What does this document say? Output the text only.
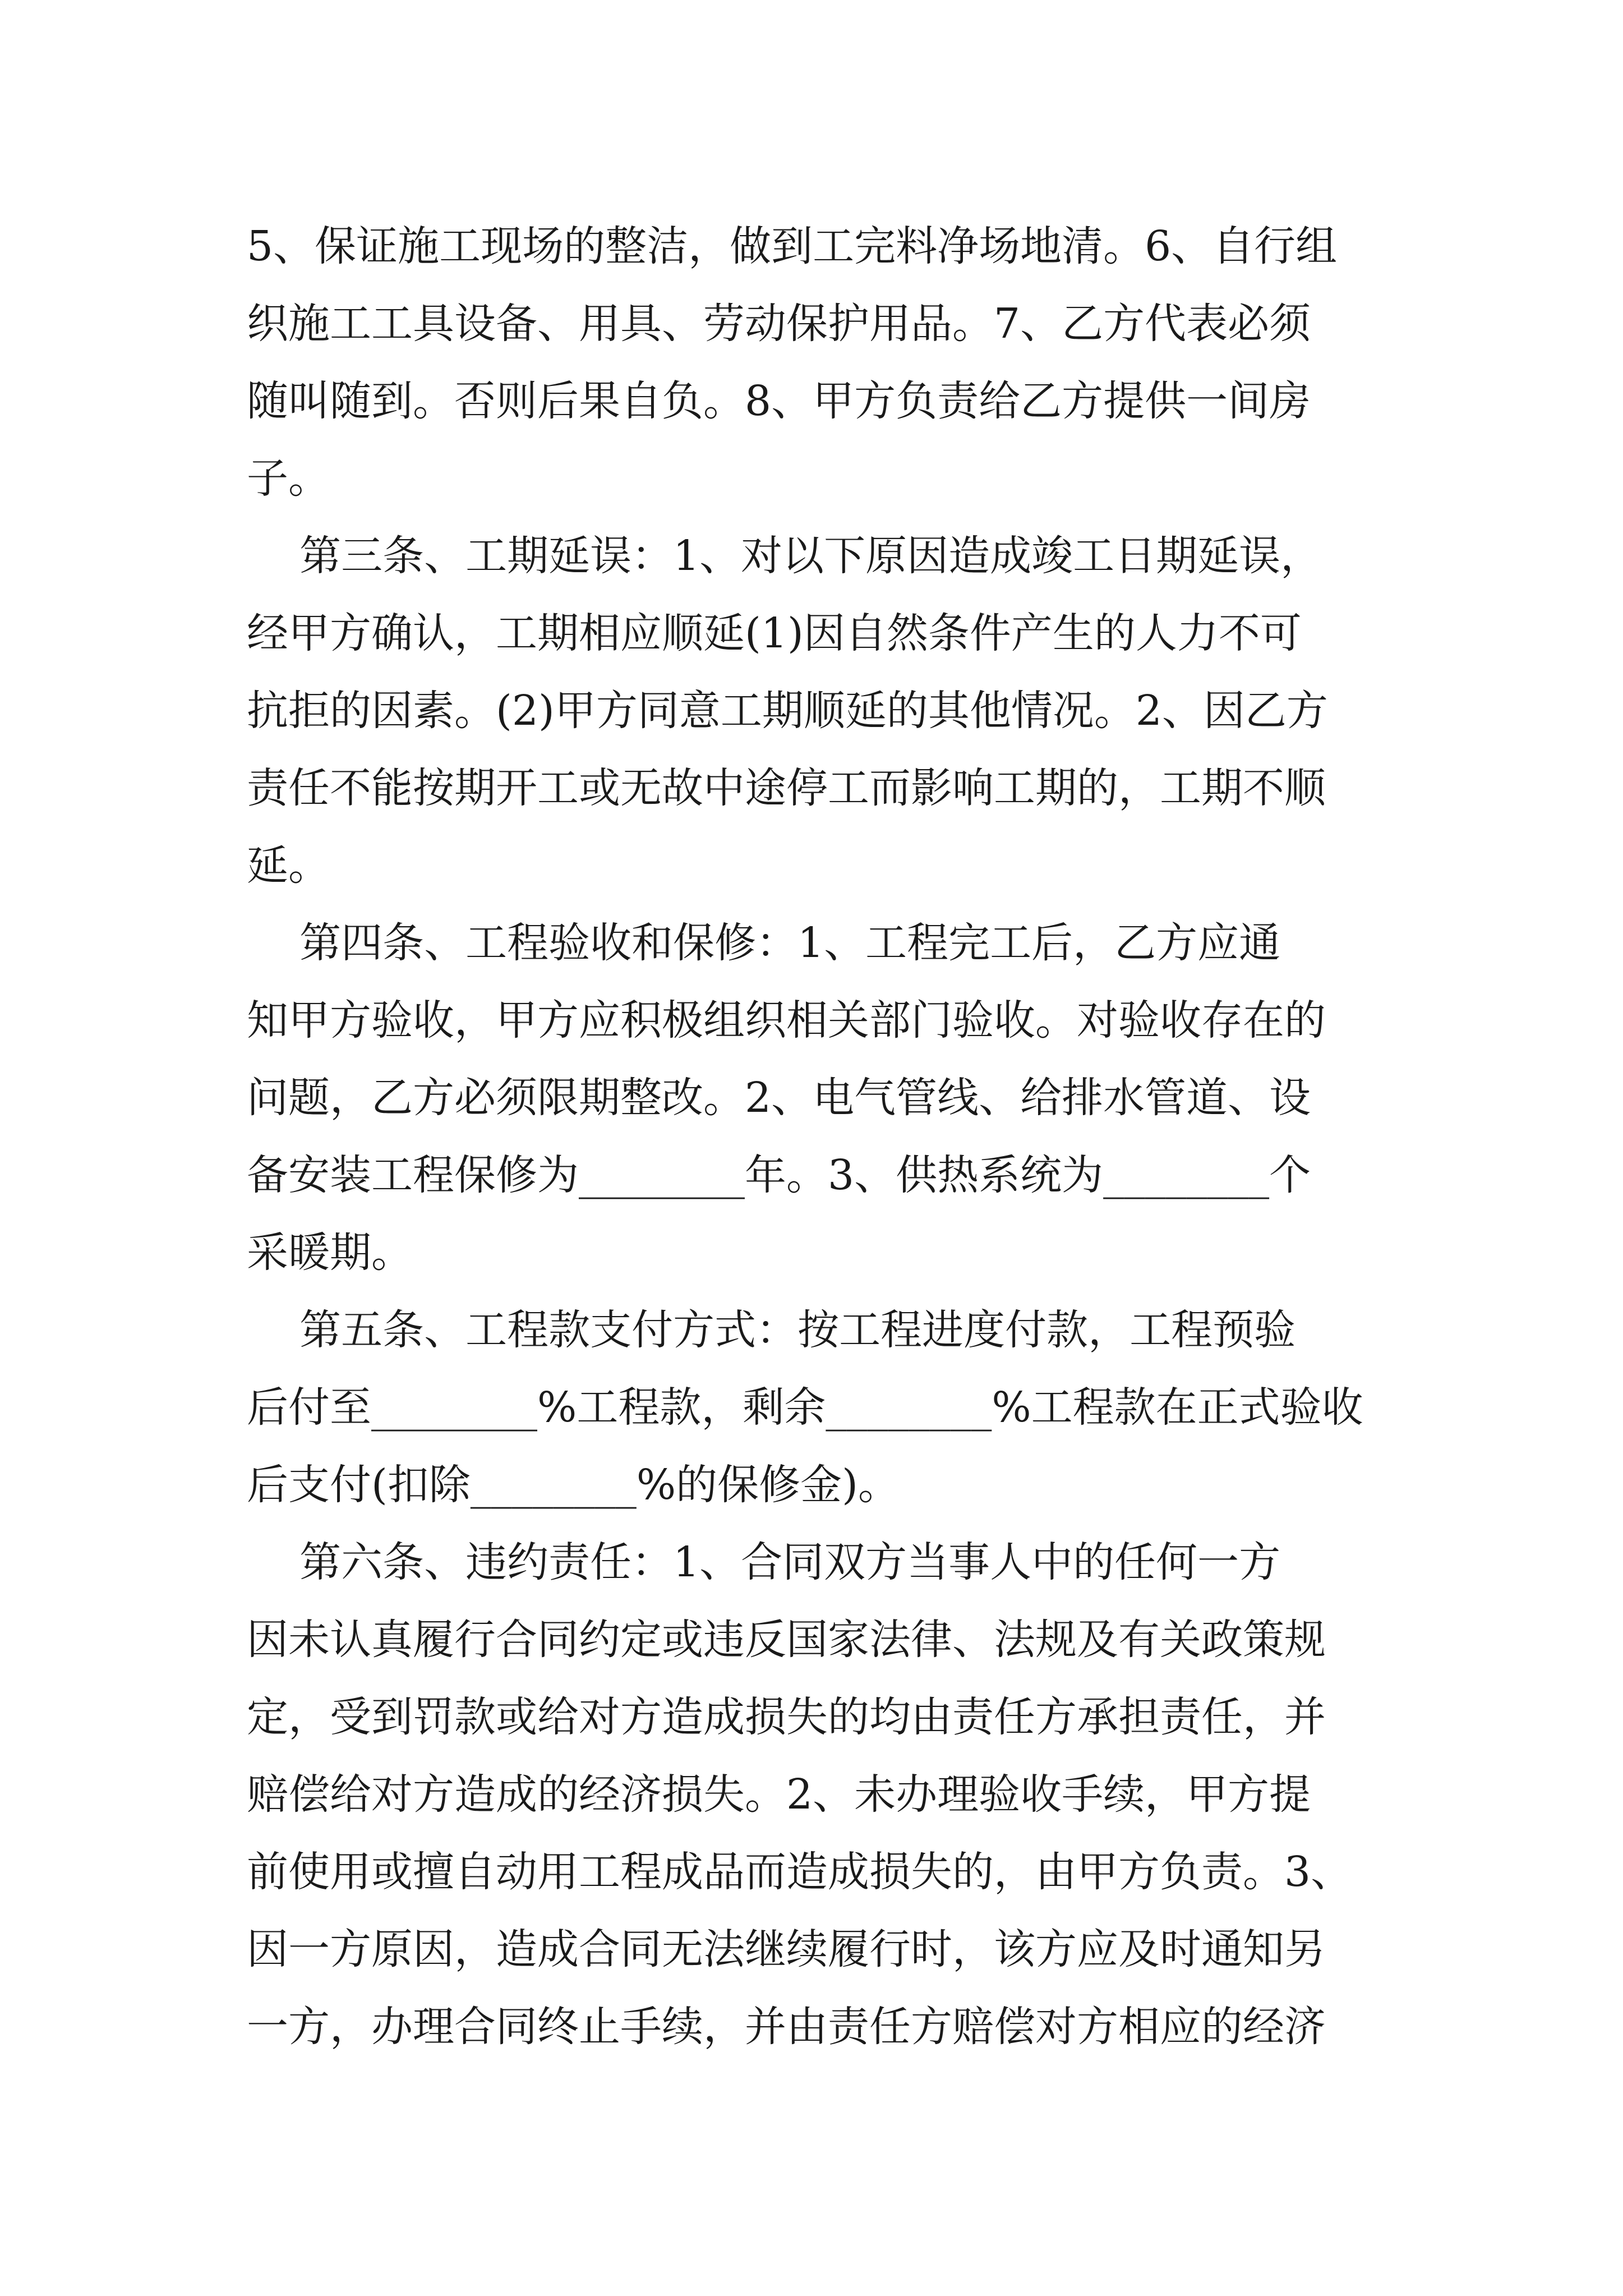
5、保证施工现场的整洁，做到工完料净场地清。6、自行组
织施工工具设备、用具、劳动保护用品。7、乙方代表必须
随叫随到。否则后果自负。8、甲方负责给乙方提供一间房
子。
第三条、工期延误：1、对以下原因造成竣工日期延误，
经甲方确认，工期相应顺延(1)因自然条件产生的人力不可
抗拒的因素。(2)甲方同意工期顺延的其他情况。2、因乙方
责任不能按期开工或无故中途停工而影响工期的，工期不顺
延。
第四条、工程验收和保修：1、工程完工后，乙方应通
知甲方验收，甲方应积极组织相关部门验收。对验收存在的
问题，乙方必须限期整改。2、电气管线、给排水管道、设
备安装工程保修为________年。3、供热系统为________个
采暖期。
第五条、工程款支付方式：按工程进度付款，工程预验
后付至________%工程款，剩余________%工程款在正式验收
后支付(扣除________%的保修金)。
第六条、违约责任：1、合同双方当事人中的任何一方
因未认真履行合同约定或违反国家法律、法规及有关政策规
定，受到罚款或给对方造成损失的均由责任方承担责任，并
赔偿给对方造成的经济损失。2、未办理验收手续，甲方提
前使用或擅自动用工程成品而造成损失的，由甲方负责。3、
因一方原因，造成合同无法继续履行时，该方应及时通知另
一方，办理合同终止手续，并由责任方赔偿对方相应的经济
